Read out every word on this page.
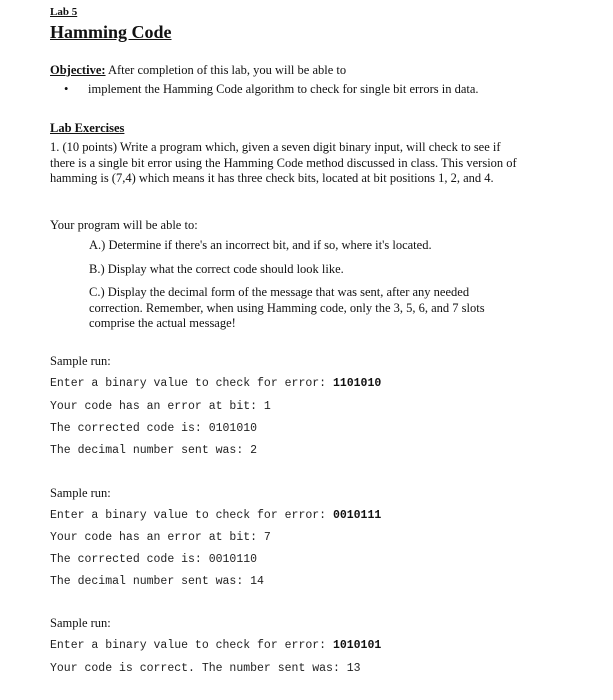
Lab 5
Hamming Code
Objective: After completion of this lab, you will be able to
• implement the Hamming Code algorithm to check for single bit errors in data.
Lab Exercises
1. (10 points) Write a program which, given a seven digit binary input, will check to see if
there is a single bit error using the Hamming Code method discussed in class. This version of
hamming is (7,4) which means it has three check bits, located at bit positions 1, 2, and 4.
Your program will be able to:
A.) Determine if there's an incorrect bit, and if so, where it's located.
B.) Display what the correct code should look like.
C.) Display the decimal form of the message that was sent, after any needed
correction. Remember, when using Hamming code, only the 3, 5, 6, and 7 slots
comprise the actual message!
Sample run:
Enter a binary value to check for error: 1101010
Your code has an error at bit: 1
The corrected code is: 0101010
The decimal number sent was: 2
Sample run:
Enter a binary value to check for error: 0010111
Your code has an error at bit: 7
The corrected code is: 0010110
The decimal number sent was: 14
Sample run:
Enter a binary value to check for error: 1010101
Your code is correct. The number sent was: 13
